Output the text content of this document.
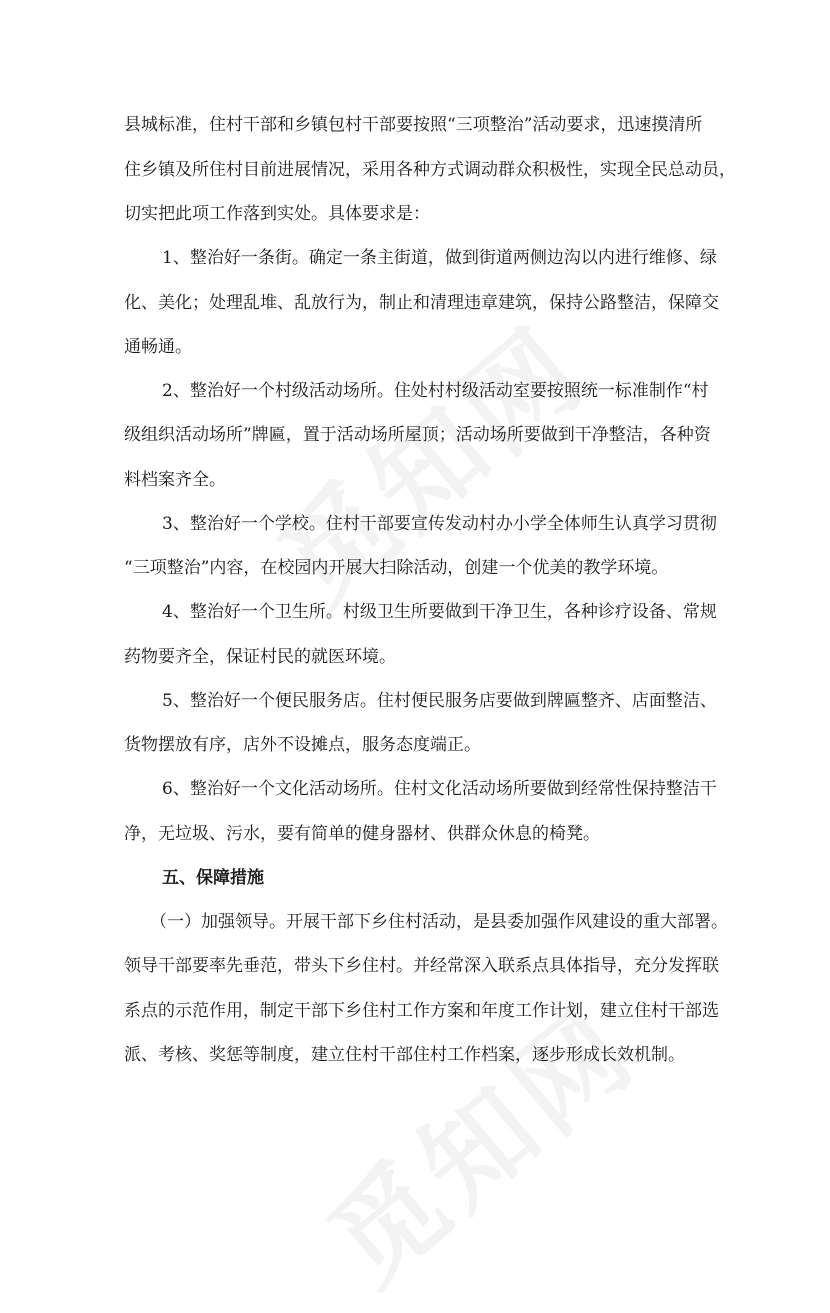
县城标准，住村干部和乡镇包村干部要按照“三项整治”活动要求，迅速摸清所
住乡镇及所住村目前进展情况，采用各种方式调动群众积极性，实现全民总动员，
切实把此项工作落到实处。具体要求是：
1、整治好一条街。确定一条主街道，做到街道两侧边沟以内进行维修、绿
化、美化；处理乱堆、乱放行为，制止和清理违章建筑，保持公路整洁，保障交
通畅通。
2、整治好一个村级活动场所。住处村村级活动室要按照统一标准制作“村
级组织活动场所”牌匾，置于活动场所屋顶；活动场所要做到干净整洁，各种资
料档案齐全。
3、整治好一个学校。住村干部要宣传发动村办小学全体师生认真学习贯彻
“三项整治”内容，在校园内开展大扫除活动，创建一个优美的教学环境。
4、整治好一个卫生所。村级卫生所要做到干净卫生，各种诊疗设备、常规
药物要齐全，保证村民的就医环境。
5、整治好一个便民服务店。住村便民服务店要做到牌匾整齐、店面整洁、
货物摆放有序，店外不设摊点，服务态度端正。
6、整治好一个文化活动场所。住村文化活动场所要做到经常性保持整洁干
净，无垃圾、污水，要有简单的健身器材、供群众休息的椅凳。
五、保障措施
（一）加强领导。开展干部下乡住村活动，是县委加强作风建设的重大部署。
领导干部要率先垂范，带头下乡住村。并经常深入联系点具体指导，充分发挥联
系点的示范作用，制定干部下乡住村工作方案和年度工作计划，建立住村干部选
派、考核、奖惩等制度，建立住村干部住村工作档案，逐步形成长效机制。
